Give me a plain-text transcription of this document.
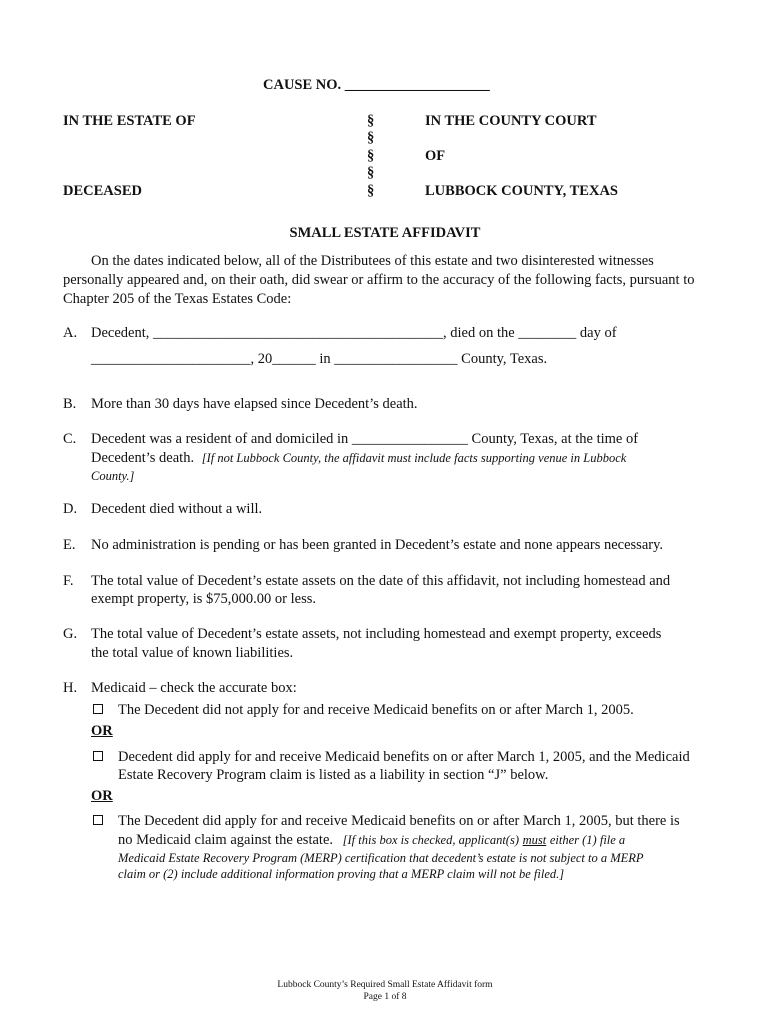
CAUSE NO. ____________________
IN THE ESTATE OF
DECEASED
§
§
§
§
§
IN THE COUNTY COURT
OF
LUBBOCK COUNTY, TEXAS
SMALL ESTATE AFFIDAVIT
On the dates indicated below, all of the Distributees of this estate and two disinterested witnesses personally appeared and, on their oath, did swear or affirm to the accuracy of the following facts, pursuant to Chapter 205 of the Texas Estates Code:
A. Decedent, ________________________________________, died on the ________ day of
______________________, 20______ in _________________ County, Texas.
B. More than 30 days have elapsed since Decedent’s death.
C. Decedent was a resident of and domiciled in ________________ County, Texas, at the time of
Decedent’s death. [If not Lubbock County, the affidavit must include facts supporting venue in Lubbock
County.]
D. Decedent died without a will.
E. No administration is pending or has been granted in Decedent’s estate and none appears necessary.
F. The total value of Decedent’s estate assets on the date of this affidavit, not including homestead and
exempt property, is $75,000.00 or less.
G. The total value of Decedent’s estate assets, not including homestead and exempt property, exceeds
the total value of known liabilities.
H. Medicaid – check the accurate box:
The Decedent did not apply for and receive Medicaid benefits on or after March 1, 2005.
OR
Decedent did apply for and receive Medicaid benefits on or after March 1, 2005, and the Medicaid
Estate Recovery Program claim is listed as a liability in section “J” below.
OR
The Decedent did apply for and receive Medicaid benefits on or after March 1, 2005, but there is
no Medicaid claim against the estate. [If this box is checked, applicant(s) must either (1) file a
Medicaid Estate Recovery Program (MERP) certification that decedent’s estate is not subject to a MERP
claim or (2) include additional information proving that a MERP claim will not be filed.]
Lubbock County’s Required Small Estate Affidavit form
Page 1 of 8
